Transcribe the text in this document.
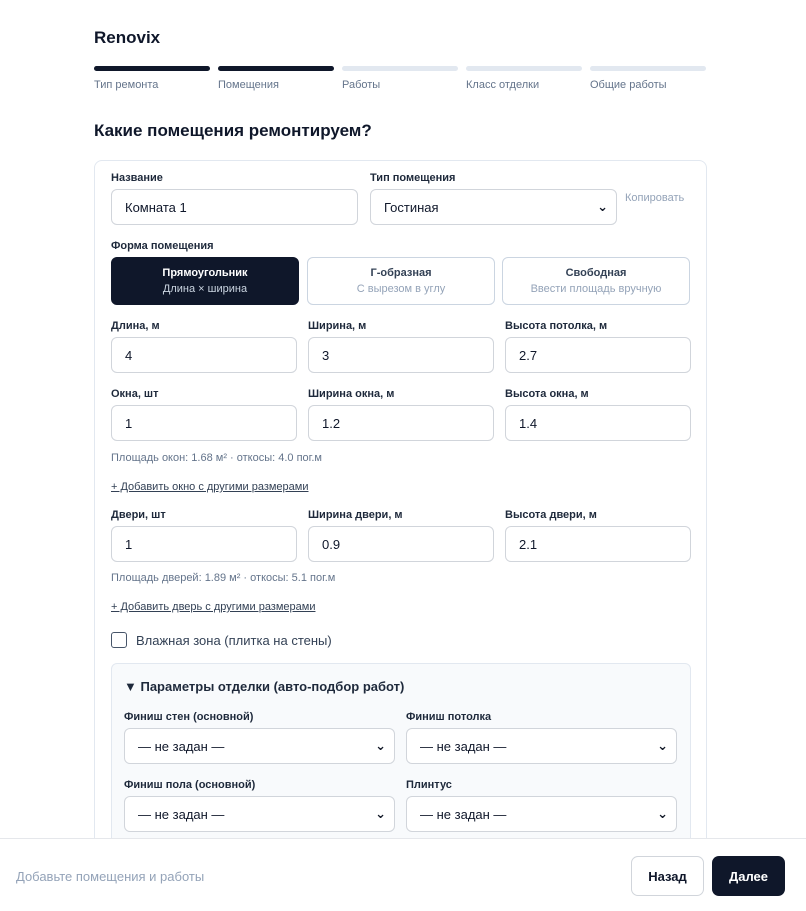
Renovix
Тип ремонта	Помещения	Работы	Класс отделки	Общие работы
Какие помещения ремонтируем?
Название
Комната 1
Тип помещения
Гостиная	⌄
Копировать
Форма помещения
Прямоугольник
Длина × ширина
Г-образная
С вырезом в углу
Свободная
Ввести площадь вручную
Длина, м
4
Ширина, м
3
Высота потолка, м
2.7
Окна, шт
1
Ширина окна, м
1.2
Высота окна, м
1.4
Площадь окон: 1.68 м² · откосы: 4.0 пог.м
+ Добавить окно с другими размерами
Двери, шт
1
Ширина двери, м
0.9
Высота двери, м
2.1
Площадь дверей: 1.89 м² · откосы: 5.1 пог.м
+ Добавить дверь с другими размерами
Влажная зона (плитка на стены)
▼ Параметры отделки (авто-подбор работ)
Финиш стен (основной)
— не задан —	⌄
Финиш потолка
— не задан —	⌄
Финиш пола (основной)
— не задан —	⌄
Плинтус
— не задан —	⌄
Добавьте помещения и работы	Назад	Далее
